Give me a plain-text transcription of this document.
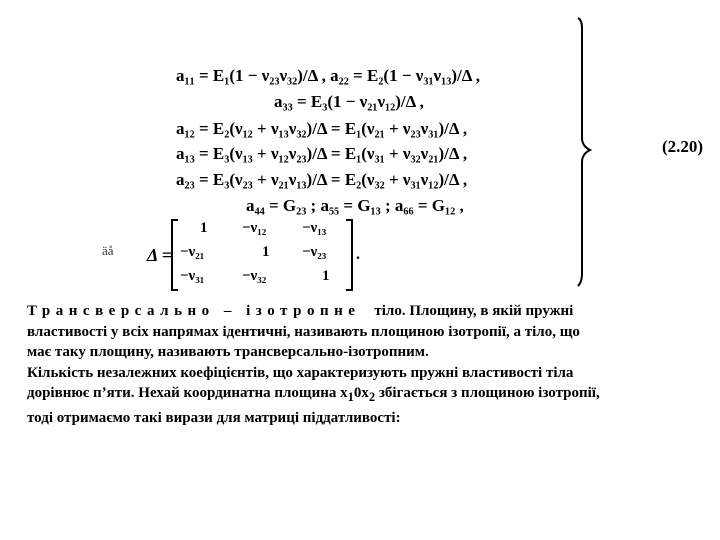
a₁₁ = E₁(1 − ν₂₃ν₃₂)/Δ , a₂₂ = E₂(1 − ν₃₁ν₁₃)/Δ ,
a₃₃ = E₃(1 − ν₂₁ν₁₂)/Δ ,
a₁₂ = E₂(ν₁₂ + ν₁₃ν₃₂)/Δ = E₁(ν₂₁ + ν₂₃ν₃₁)/Δ ,
a₁₃ = E₃(ν₁₃ + ν₁₂ν₂₃)/Δ = E₁(ν₃₁ + ν₃₂ν₂₁)/Δ ,
a₂₃ = E₃(ν₂₃ + ν₂₁ν₁₃)/Δ = E₂(ν₃₂ + ν₃₁ν₁₂)/Δ ,
a₄₄ = G₂₃ ; a₅₅ = G₁₃ ; a₆₆ = G₁₂ ,
(2.20)
äå Δ =
1 −ν₁₂ −ν₁₃
−ν₂₁	1 −ν₂₃
−ν₃₁	−ν₃₂	1
.
Трансверсально – ізотропне тіло. Площину, в якій пружні
властивості у всіх напрямах ідентичні, називають площиною ізотропії, а тіло, що
має таку площину, називають трансверсально-ізотропним.
Кількість незалежних коефіцієнтів, що характеризують пружні властивості тіла
дорівнює п’яти. Нехай координатна площина $x_10x_2$ збігається з площиною ізотропії,
тоді отримаємо такі вирази для матриці піддатливості:
